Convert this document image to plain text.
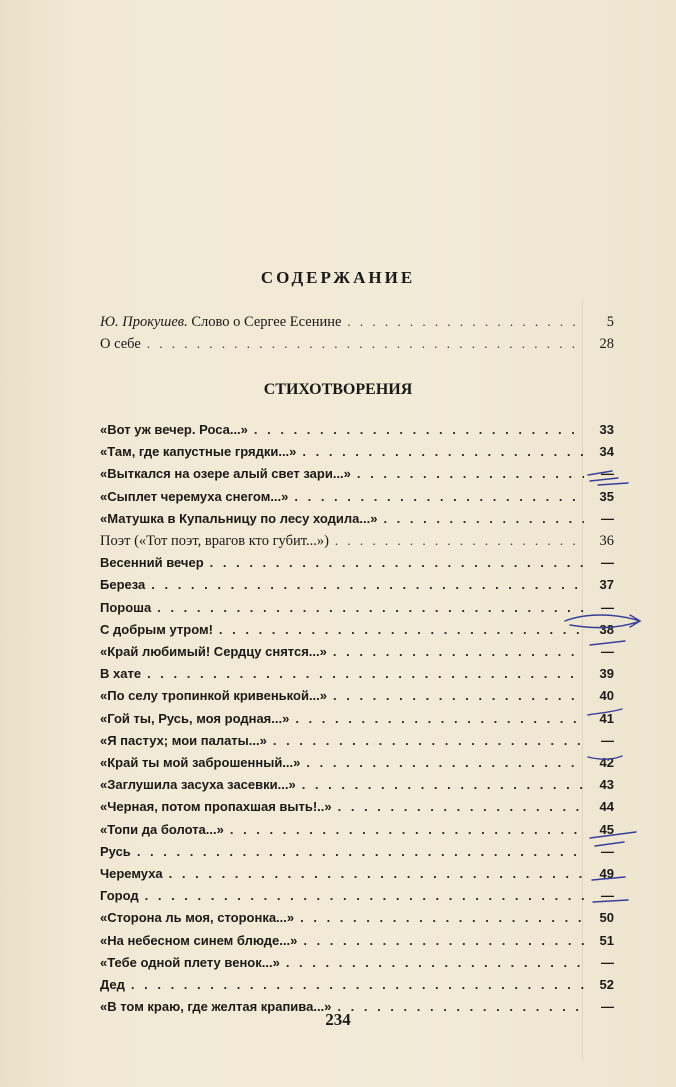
СОДЕРЖАНИЕ
Ю. Прокушев. Слово о Сергее Есенине . . .	5
О себе . . .	28
СТИХОТВОРЕНИЯ
«Вот уж вечер. Роса...» . . .	33
«Там, где капустные грядки...» . . .	34
«Выткался на озере алый свет зари...» . . .	—
«Сыплет черемуха снегом...» . . .	35
«Матушка в Купальницу по лесу ходила...» . . .	—
Поэт («Тот поэт, врагов кто губит...») . . .	36
Весенний вечер . . .	—
Береза . . .	37
Пороша . . .	—
С добрым утром! . . .	38
«Край любимый! Сердцу снятся...» . . .	—
В хате . . .	39
«По селу тропинкой кривенькой...» . . .	40
«Гой ты, Русь, моя родная...» . . .	41
«Я пастух; мои палаты...» . . .	—
«Край ты мой заброшенный...» . . .	42
«Заглушила засуха засевки...» . . .	43
«Черная, потом пропахшая выть!..» . . .	44
«Топи да болота...» . . .	45
Русь . . .	—
Черемуха . . .	49
Город . . .	—
«Сторона ль моя, сторонка...» . . .	50
«На небесном синем блюде...» . . .	51
«Тебе одной плету венок...» . . .	—
Дед . . .	52
«В том краю, где желтая крапива...» . . .	—
234
